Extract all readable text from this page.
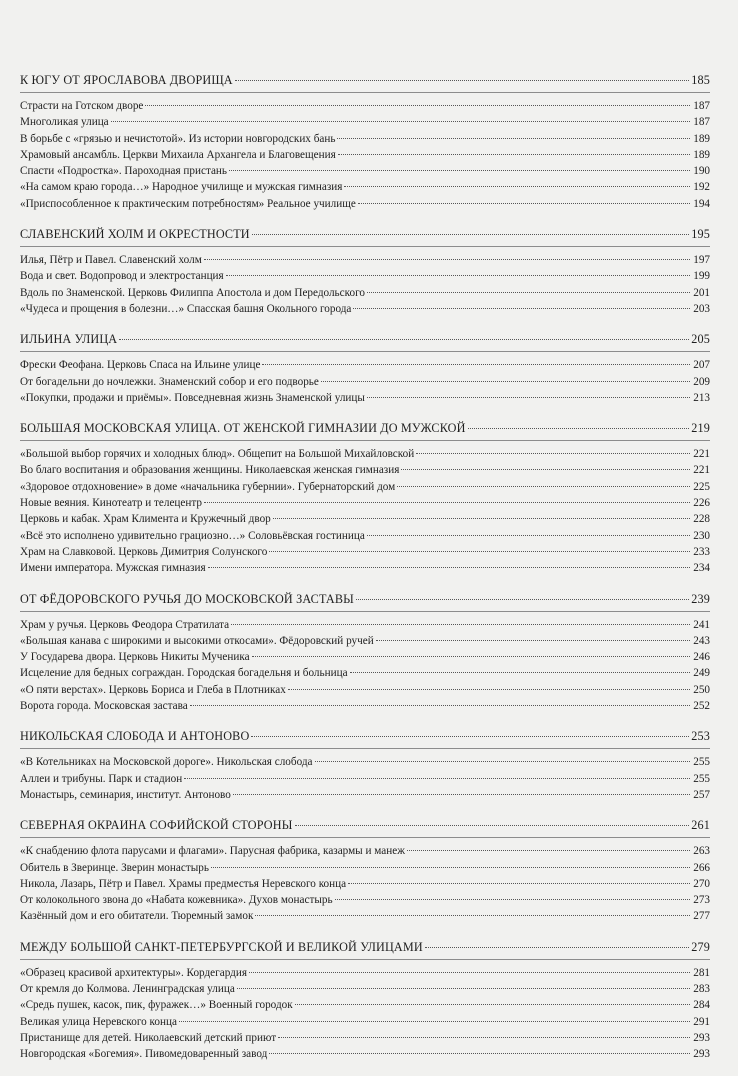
К ЮГУ ОТ ЯРОСЛАВОВА ДВОРИЩА	185
Страсти на Готском дворе	187
Многоликая улица	187
В борьбе с «грязью и нечистотой». Из истории новгородских бань	189
Храмовый ансамбль. Церкви Михаила Архангела и Благовещения	189
Спасти «Подростка». Пароходная пристань	190
«На самом краю города…» Народное училище и мужская гимназия	192
«Приспособленное к практическим потребностям» Реальное училище	194
СЛАВЕНСКИЙ ХОЛМ И ОКРЕСТНОСТИ	195
Илья, Пётр и Павел. Славенский холм	197
Вода и свет. Водопровод и электростанция	199
Вдоль по Знаменской. Церковь Филиппа Апостола и дом Передольского	201
«Чудеса и прощения в болезни…» Спасская башня Окольного города	203
ИЛЬИНА УЛИЦА	205
Фрески Феофана. Церковь Спаса на Ильине улице	207
От богадельни до ночлежки. Знаменский собор и его подворье	209
«Покупки, продажи и приёмы». Повседневная жизнь Знаменской улицы	213
БОЛЬШАЯ МОСКОВСКАЯ УЛИЦА. ОТ ЖЕНСКОЙ ГИМНАЗИИ ДО МУЖСКОЙ	219
«Большой выбор горячих и холодных блюд». Общепит на Большой Михайловской	221
Во благо воспитания и образования женщины. Николаевская женская гимназия	221
«Здоровое отдохновение» в доме «начальника губернии». Губернаторский дом	225
Новые веяния. Кинотеатр и телецентр	226
Церковь и кабак. Храм Климента и Кружечный двор	228
«Всё это исполнено удивительно грациозно…» Соловьёвская гостиница	230
Храм на Славковой. Церковь Димитрия Солунского	233
Имени императора. Мужская гимназия	234
ОТ ФЁДОРОВСКОГО РУЧЬЯ ДО МОСКОВСКОЙ ЗАСТАВЫ	239
Храм у ручья. Церковь Феодора Стратилата	241
«Большая канава с широкими и высокими откосами». Фёдоровский ручей	243
У Государева двора. Церковь Никиты Мученика	246
Исцеление для бедных сограждан. Городская богадельня и больница	249
«О пяти верстах». Церковь Бориса и Глеба в Плотниках	250
Ворота города. Московская застава	252
НИКОЛЬСКАЯ СЛОБОДА И АНТОНОВО	253
«В Котельниках на Московской дороге». Никольская слобода	255
Аллеи и трибуны. Парк и стадион	255
Монастырь, семинария, институт. Антоново	257
СЕВЕРНАЯ ОКРАИНА СОФИЙСКОЙ СТОРОНЫ	261
«К снабдению флота парусами и флагами». Парусная фабрика, казармы и манеж	263
Обитель в Зверинце. Зверин монастырь	266
Никола, Лазарь, Пётр и Павел. Храмы предместья Неревского конца	270
От колокольного звона до «Набата кожевника». Духов монастырь	273
Казённый дом и его обитатели. Тюремный замок	277
МЕЖДУ БОЛЬШОЙ САНКТ-ПЕТЕРБУРГСКОЙ И ВЕЛИКОЙ УЛИЦАМИ	279
«Образец красивой архитектуры». Кордегардия	281
От кремля до Колмова. Ленинградская улица	283
«Средь пушек, касок, пик, фуражек…» Военный городок	284
Великая улица Неревского конца	291
Пристанище для детей. Николаевский детский приют	293
Новгородская «Богемия». Пивомедоваренный завод	293
